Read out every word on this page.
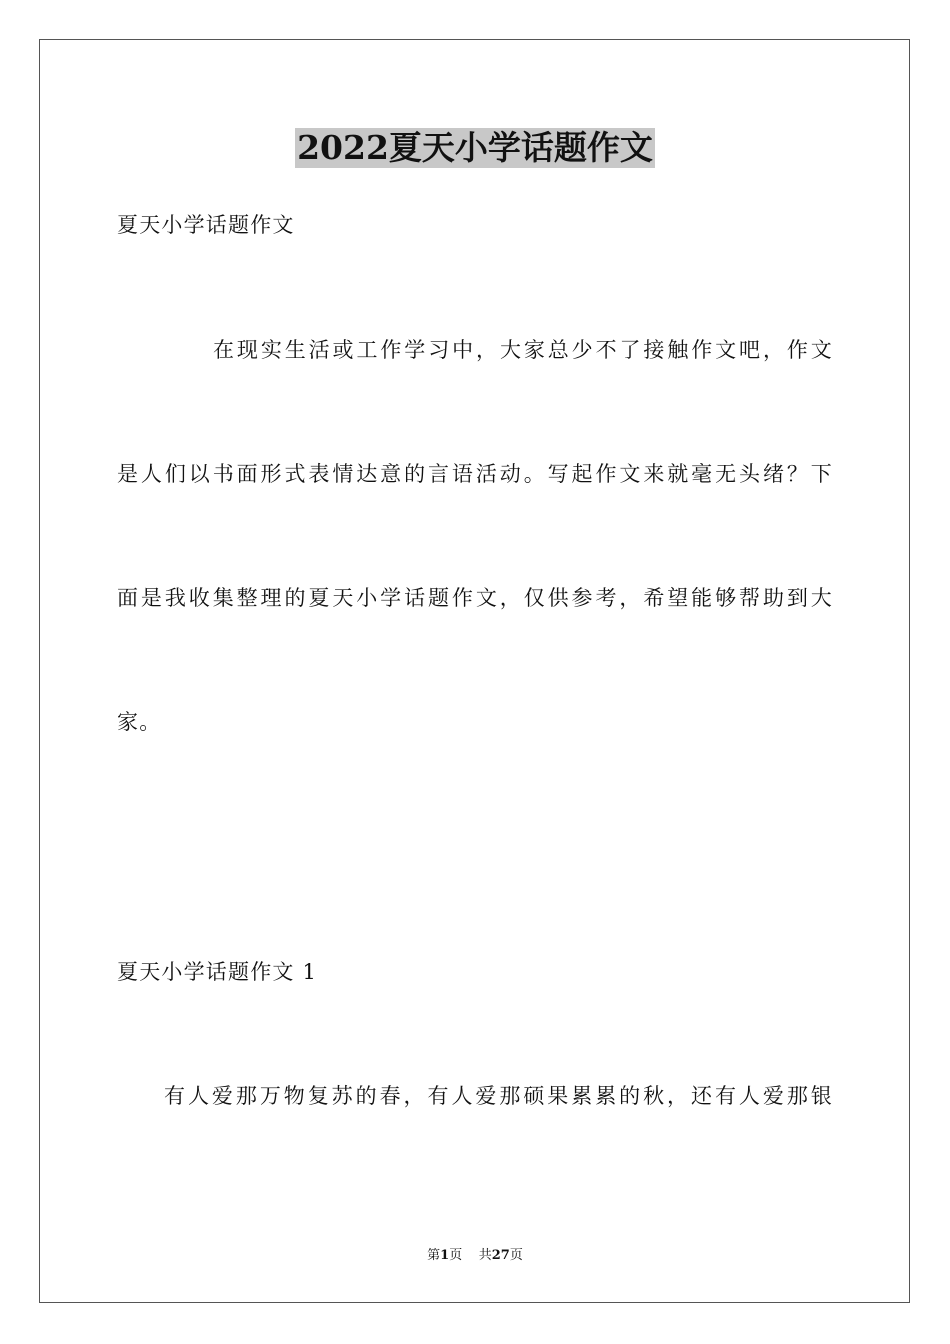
2022夏天小学话题作文
夏天小学话题作文
在现实生活或工作学习中，大家总少不了接触作文吧，作文
是人们以书面形式表情达意的言语活动。写起作文来就毫无头绪？下
面是我收集整理的夏天小学话题作文，仅供参考，希望能够帮助到大
家。
夏天小学话题作文 1
有人爱那万物复苏的春，有人爱那硕果累累的秋，还有人爱那银
第1页 共27页
